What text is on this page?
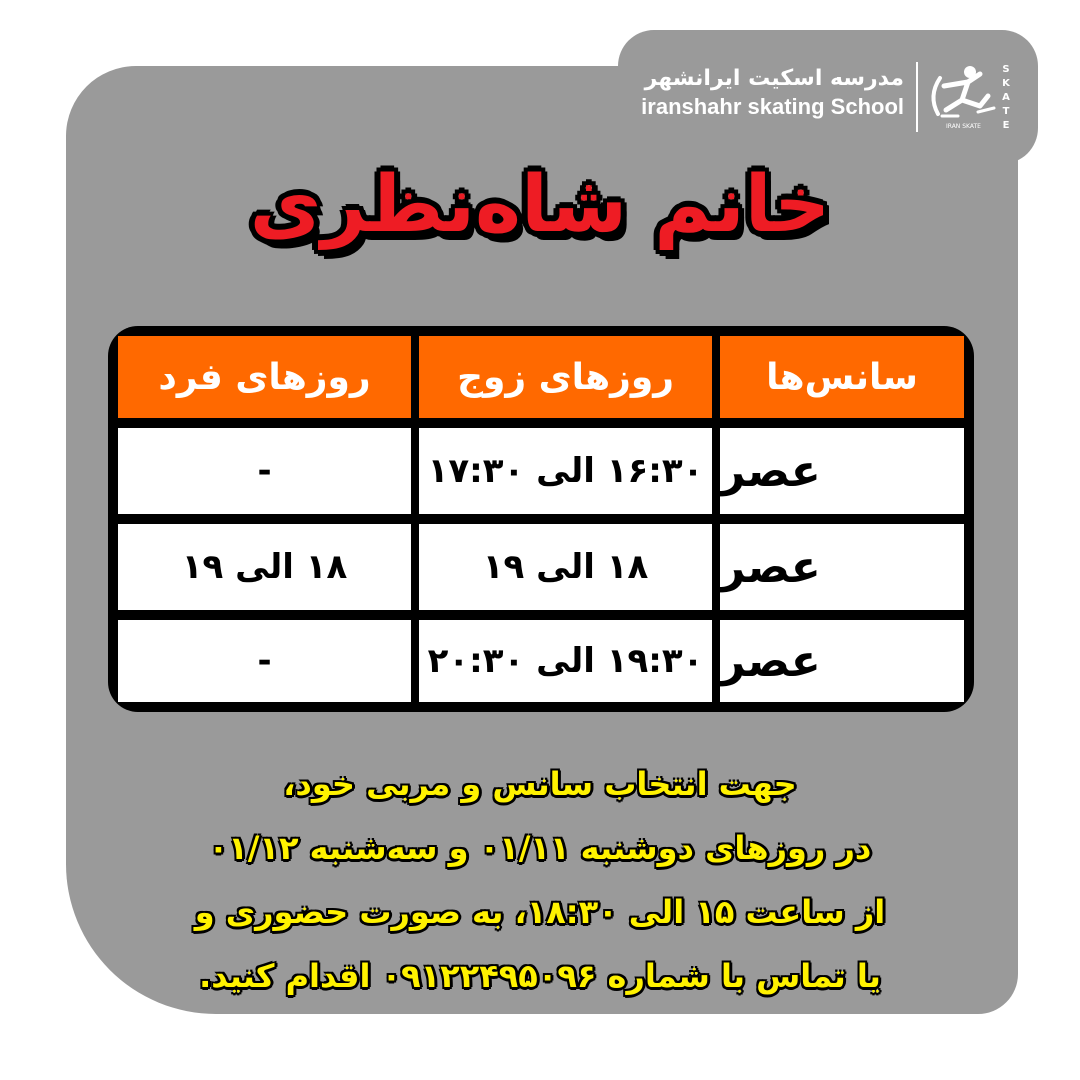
مدرسه اسکیت ایرانشهر
iranshahr skating School
IRAN SKATE
S
K
A
T
E
خانم شاه‌نظری
سانس‌ها
روزهای زوج
روزهای فرد
عصر
۱۶:۳۰ الی ۱۷:۳۰
-
عصر
۱۸ الی ۱۹
۱۸ الی ۱۹
عصر
۱۹:۳۰ الی ۲۰:۳۰
-
جهت انتخاب سانس و مربی خود،
در روزهای دوشنبه ۰۱/۱۱ و سه‌شنبه ۰۱/۱۲
از ساعت ۱۵ الی ۱۸:۳۰، به صورت حضوری و
یا تماس با شماره ۰۹۱۲۲۴۹۵۰۹۶ اقدام کنید.
